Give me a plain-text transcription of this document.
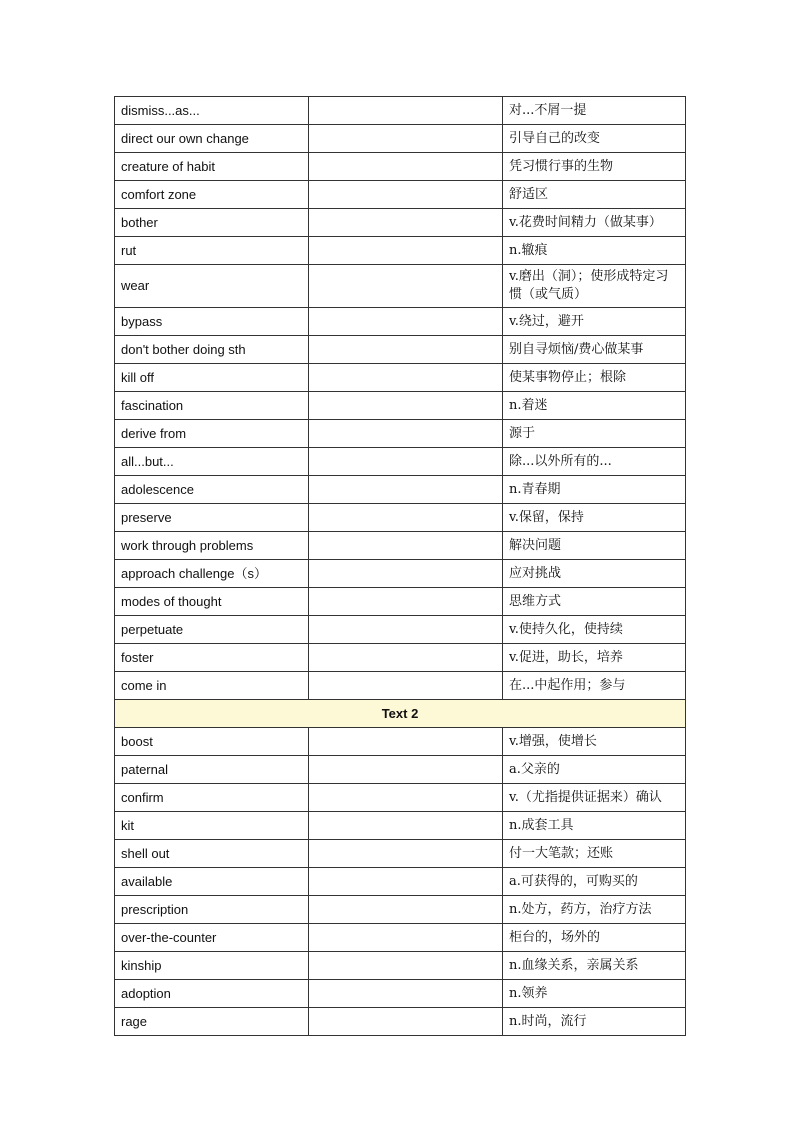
dismiss...as...		对...不屑一提
direct our own change		引导自己的改变
creature of habit		凭习惯行事的生物
comfort zone		舒适区
bother		v.花费时间精力（做某事）
rut		n.辙痕
wear		v.磨出（洞）；使形成特定习惯（或气质）
bypass		v.绕过，避开
don't bother doing sth		别自寻烦恼/费心做某事
kill off		使某事物停止；根除
fascination		n.着迷
derive from		源于
all...but...		除...以外所有的...
adolescence		n.青春期
preserve		v.保留，保持
work through problems		解决问题
approach challenge（s）		应对挑战
modes of thought		思维方式
perpetuate		v.使持久化，使持续
foster		v.促进，助长，培养
come in		在...中起作用；参与
Text 2		
boost		v.增强，使增长
paternal		a.父亲的
confirm		v.（尤指提供证据来）确认
kit		n.成套工具
shell out		付一大笔款；还账
available		a.可获得的，可购买的
prescription		n.处方，药方，治疗方法
over-the-counter		柜台的，场外的
kinship		n.血缘关系，亲属关系
adoption		n.领养
rage		n.时尚，流行
